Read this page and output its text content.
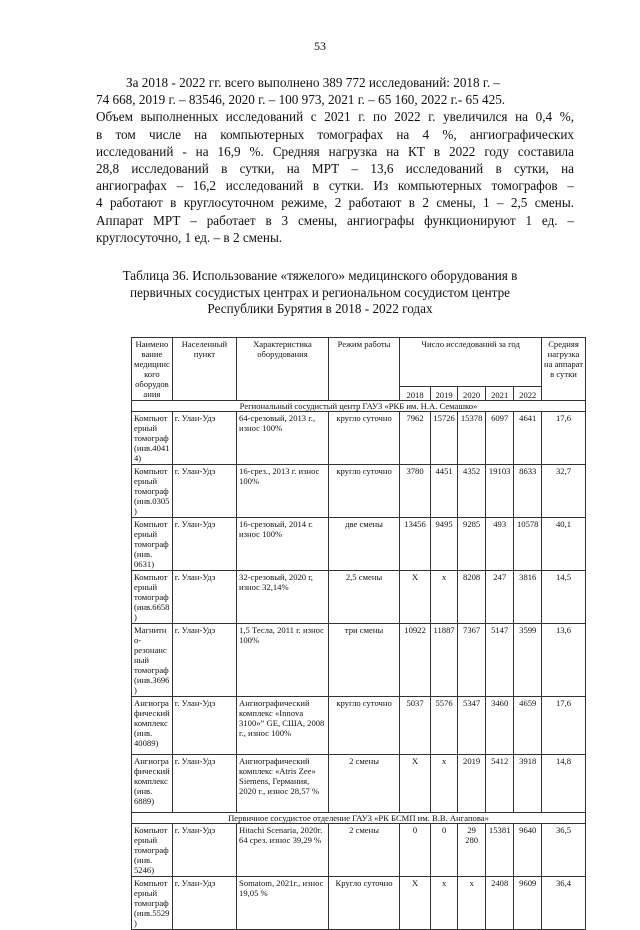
53
За 2018 - 2022 гг. всего выполнено 389 772 исследований: 2018 г. –
74 668, 2019 г. – 83546, 2020 г. – 100 973, 2021 г. – 65 160, 2022 г.- 65 425.
Объем выполненных исследований с 2021 г. по 2022 г. увеличился на 0,4 %,
в том числе на компьютерных томографах на 4 %, ангиографических
исследований - на 16,9 %. Средняя нагрузка на КТ в 2022 году составила
28,8 исследований в сутки, на МРТ – 13,6 исследований в сутки, на
ангиографах – 16,2 исследований в сутки. Из компьютерных томографов –
4 работают в круглосуточном режиме, 2 работают в 2 смены, 1 – 2,5 смены.
Аппарат МРТ – работает в 3 смены, ангиографы функционируют 1 ед. –
круглосуточно, 1 ед. – в 2 смены.
Таблица 36. Использование «тяжелого» медицинского оборудования в
первичных сосудистых центрах и региональном сосудистом центре
Республики Бурятия в 2018 - 2022 годах
Наименование медицинского оборудования	Населенный пункт	Характеристика оборудования	Режим работы	Число исследований за год					Средняя нагрузка на аппарат в сутки
				2018	2019	2020	2021	2022	
Региональный сосудистый центр ГАУЗ «РКБ им. Н.А. Семашко»									
Компьютерный томограф (инв.40414)	г. Улан-Удэ	64-срезовый, 2013 г., износ 100%	кругло суточно	7962	15726	15378	6097	4641	17,6
Компьютерный томограф (инв.0305)	г. Улан-Удэ	16-срез., 2013 г. износ 100%	кругло суточно	3780	4451	4352	19103	8633	32,7
Компьютерный томограф (инв. 0631)	г. Улан-Удэ	16-срезовый, 2014 г. износ 100%	две смены	13456	9495	9285	493	10578	40,1
Компьютерный томограф (инв.6658)	г. Улан-Удэ	32-срезовый, 2020 г, износ 32,14%	2,5 смены	Х	х	8208	247	3816	14,5
Магнитно-резонансный томограф (инв.3696)	г. Улан-Удэ	1,5 Тесла, 2011 г. износ 100%	три смены	10922	11887	7367	5147	3599	13,6
Ангиографический комплекс (инв. 40089)	г. Улан-Удэ	Ангиографический комплекс «Innova 3100»” GE, США, 2008 г., износ 100%	кругло суточно	5037	5576	5347	3460	4659	17,6
Ангиографический комплекс (инв. 6889)	г. Улан-Удэ	Ангиографический комплекс «Atris Zee» Siemens, Германия, 2020 г., износ 28,57 %	2 смены	Х	х	2019	5412	3918	14,8
Первичное сосудистое отделение ГАУЗ «РК БСМП им. В.В. Ангапова»									
Компьютерный томограф (инв. 5246)	г. Улан-Удэ	Hitachi Scenaria, 2020г. 64 срез. износ 39,29 %	2 смены	0	0	29 280	15381	9640	36,5
Компьютерный томограф (инв.5529)	г. Улан-Удэ	Somatom, 2021г., износ 19,05 %	Кругло суточно	Х	х	х	2408	9609	36,4
